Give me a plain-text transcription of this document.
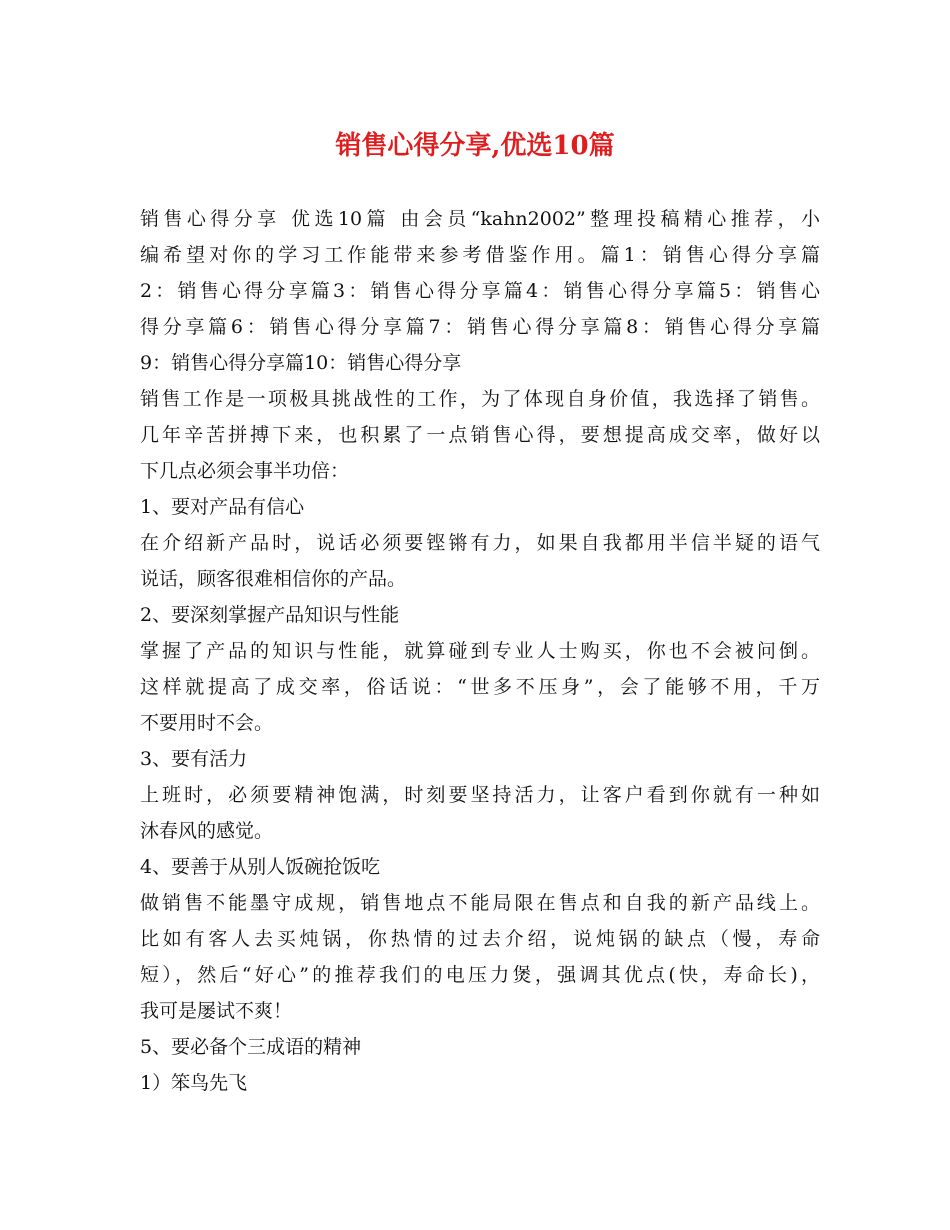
销售心得分享,优选10篇
销售心得分享 优选10篇 由会员“kahn2002”整理投稿精心推荐，小
编希望对你的学习工作能带来参考借鉴作用。篇1：销售心得分享篇
2：销售心得分享篇3：销售心得分享篇4：销售心得分享篇5：销售心
得分享篇6：销售心得分享篇7：销售心得分享篇8：销售心得分享篇
9：销售心得分享篇10：销售心得分享
销售工作是一项极具挑战性的工作，为了体现自身价值，我选择了销售。
几年辛苦拼搏下来，也积累了一点销售心得，要想提高成交率，做好以
下几点必须会事半功倍：
1、要对产品有信心
在介绍新产品时，说话必须要铿锵有力，如果自我都用半信半疑的语气
说话，顾客很难相信你的产品。
2、要深刻掌握产品知识与性能
掌握了产品的知识与性能，就算碰到专业人士购买，你也不会被问倒。
这样就提高了成交率，俗话说：“世多不压身”，会了能够不用，千万
不要用时不会。
3、要有活力
上班时，必须要精神饱满，时刻要坚持活力，让客户看到你就有一种如
沐春风的感觉。
4、要善于从别人饭碗抢饭吃
做销售不能墨守成规，销售地点不能局限在售点和自我的新产品线上。
比如有客人去买炖锅，你热情的过去介绍，说炖锅的缺点（慢，寿命
短），然后“好心”的推荐我们的电压力煲，强调其优点(快，寿命长)，
我可是屡试不爽！
5、要必备个三成语的精神
1）笨鸟先飞
